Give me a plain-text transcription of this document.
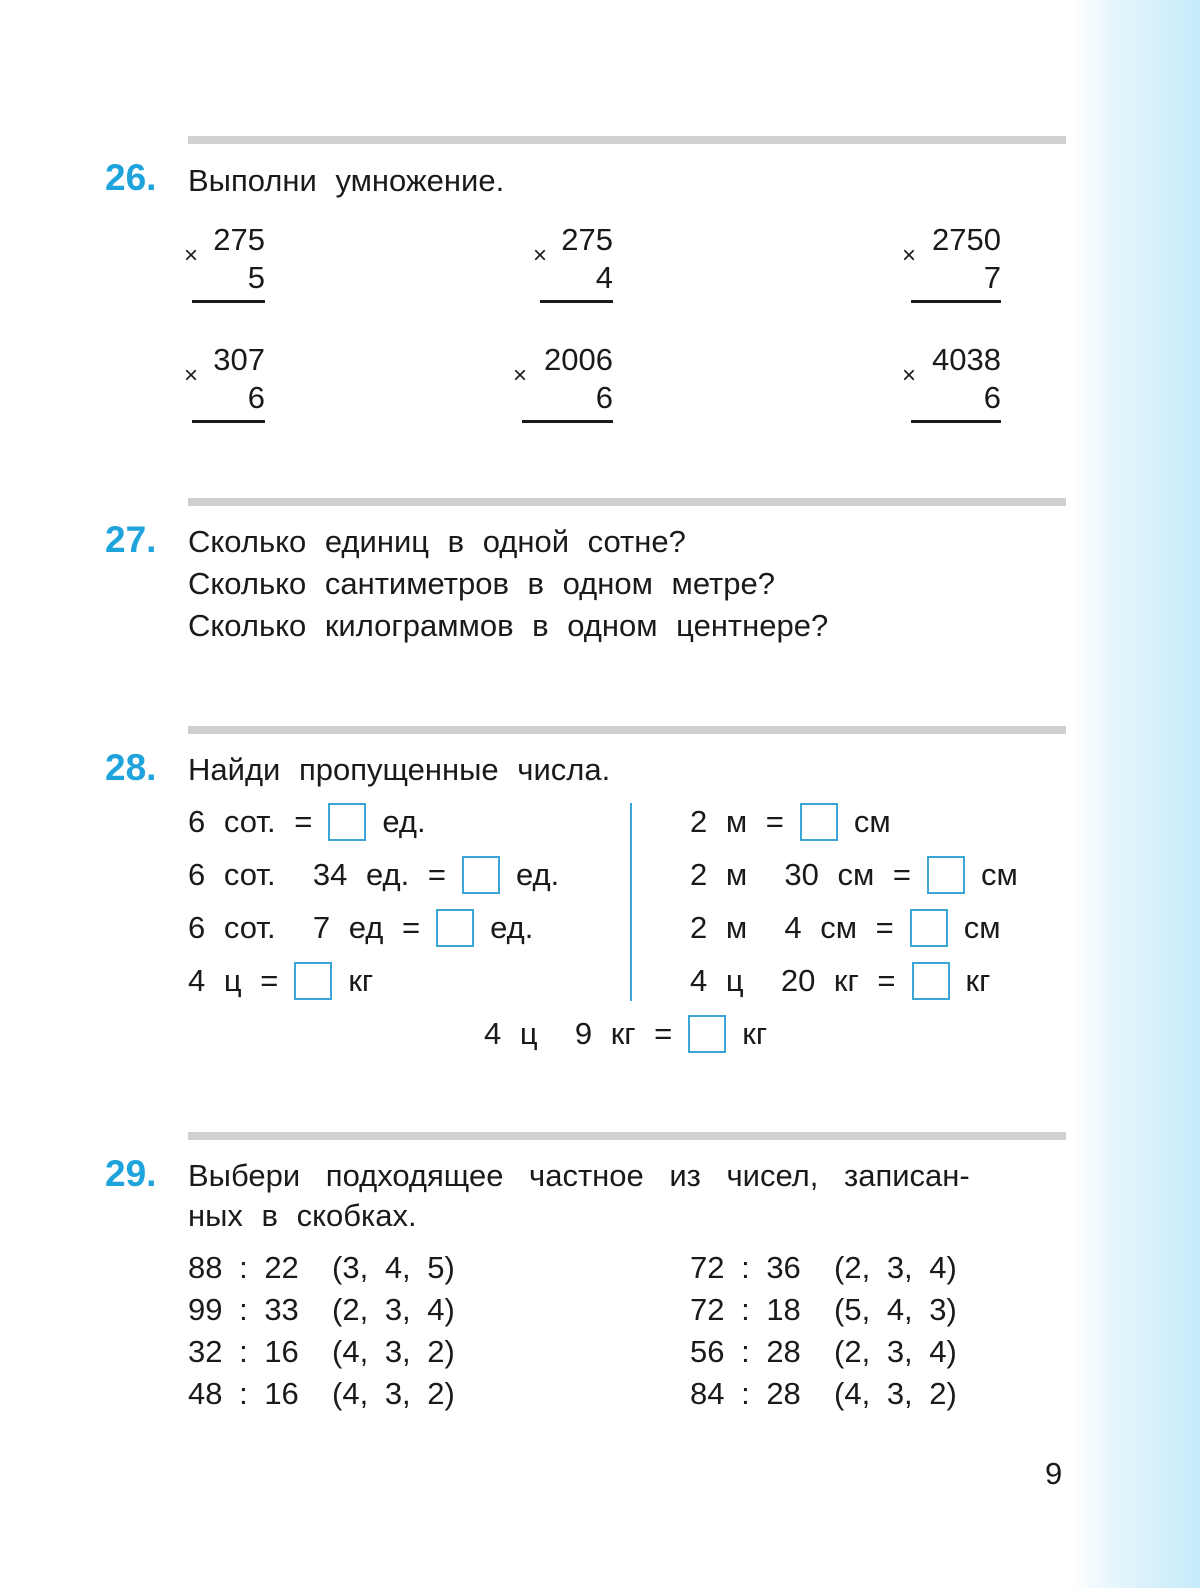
26. Выполни умножение.
× 275
5
× 275
4
× 2750
7
× 307
6
× 2006
6
× 4038
6
27. Сколько единиц в одной сотне?
Сколько сантиметров в одном метре?
Сколько килограммов в одном центнере?
28. Найди пропущенные числа.
6 сот. = ед.
6 сот.  34 ед. = ед.
6 сот.  7 ед = ед.
4 ц = кг
2 м = см
2 м  30 см = см
2 м  4 см = см
4 ц  20 кг = кг
4 ц  9 кг = кг
29. Выбери подходящее частное из чисел, записан-
ных в скобках.
88 : 22  (3, 4, 5)
99 : 33  (2, 3, 4)
32 : 16  (4, 3, 2)
48 : 16  (4, 3, 2)
72 : 36  (2, 3, 4)
72 : 18  (5, 4, 3)
56 : 28  (2, 3, 4)
84 : 28  (4, 3, 2)
9
